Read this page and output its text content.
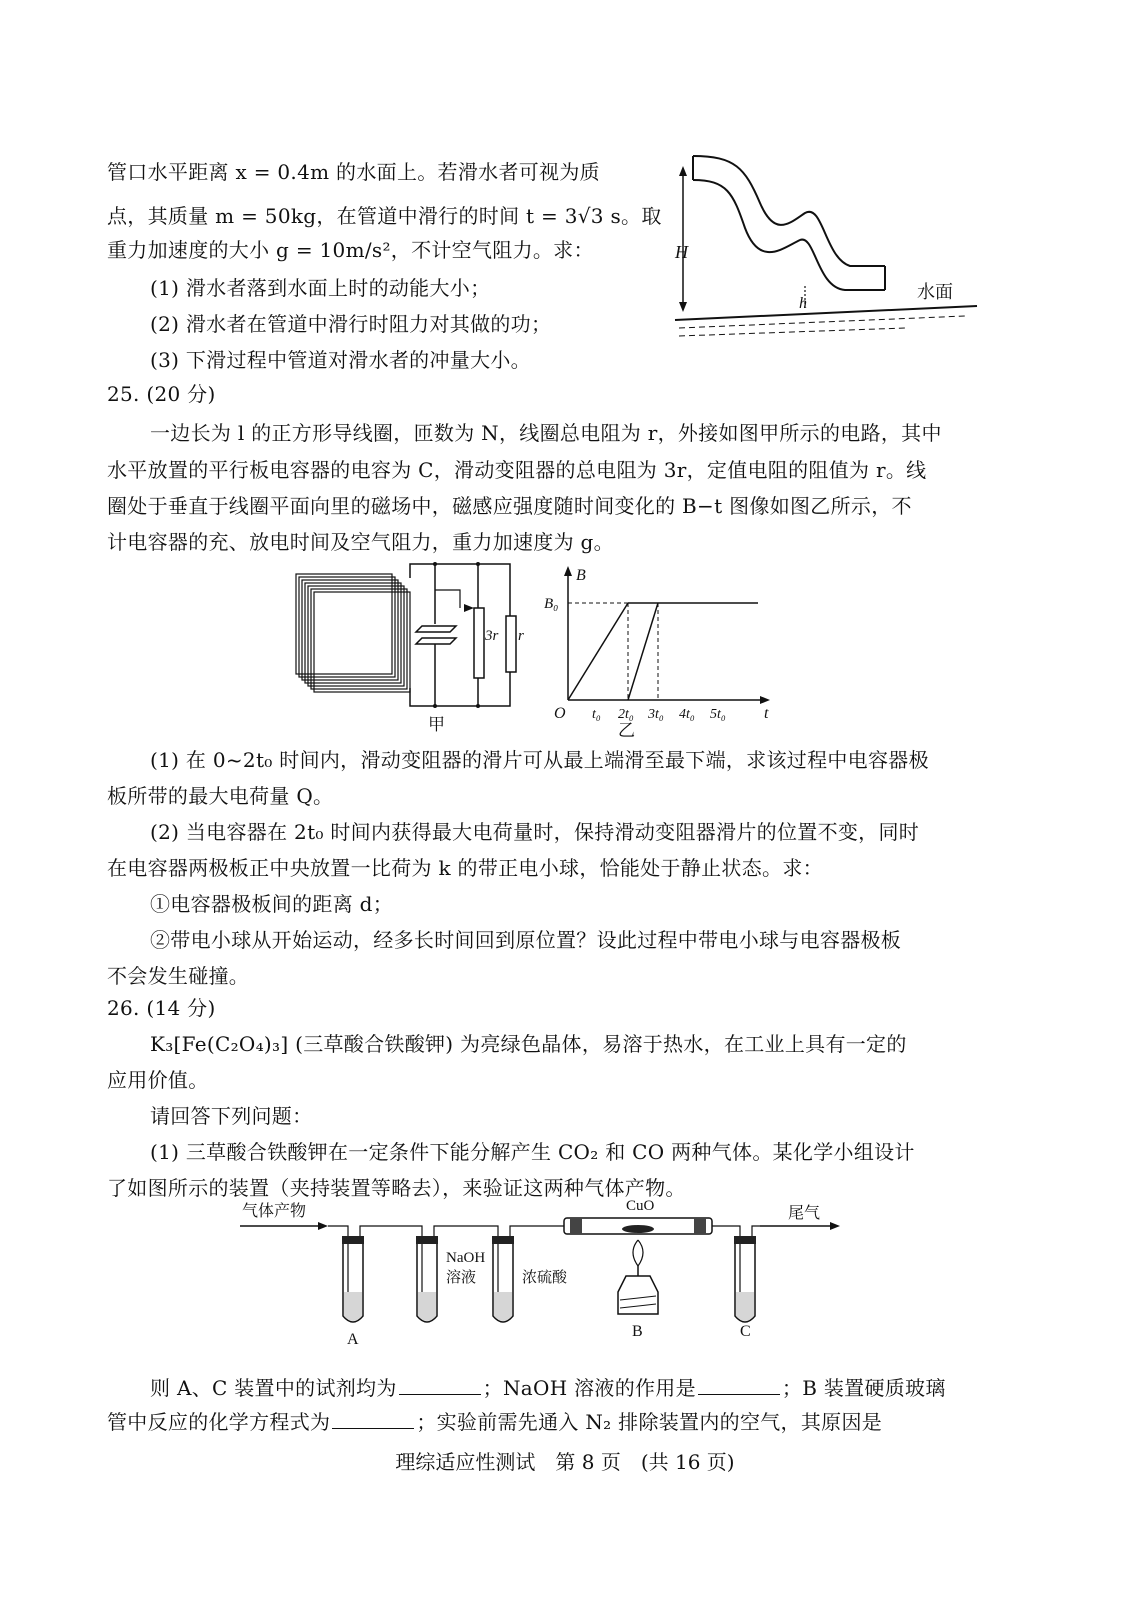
管口水平距离 x = 0.4m 的水面上。若滑水者可视为质
点，其质量 m = 50kg，在管道中滑行的时间 t = 3√3 s。取
重力加速度的大小 g = 10m/s²，不计空气阻力。求：
(1) 滑水者落到水面上时的动能大小；
(2) 滑水者在管道中滑行时阻力对其做的功；
(3) 下滑过程中管道对滑水者的冲量大小。
H
h
水面
25. (20 分)
一边长为 l 的正方形导线圈，匝数为 N，线圈总电阻为 r，外接如图甲所示的电路，其中
水平放置的平行板电容器的电容为 C，滑动变阻器的总电阻为 3r，定值电阻的阻值为 r。线
圈处于垂直于线圈平面向里的磁场中，磁感应强度随时间变化的 B−t 图像如图乙所示，不
计电容器的充、放电时间及空气阻力，重力加速度为 g。
3r r
甲
B
t
O
B₀
t₀ 2t₀ 3t₀ 4t₀ 5t₀
乙
(1) 在 0~2t₀ 时间内，滑动变阻器的滑片可从最上端滑至最下端，求该过程中电容器极
板所带的最大电荷量 Q。
(2) 当电容器在 2t₀ 时间内获得最大电荷量时，保持滑动变阻器滑片的位置不变，同时
在电容器两极板正中央放置一比荷为 k 的带正电小球，恰能处于静止状态。求：
①电容器极板间的距离 d；
②带电小球从开始运动，经多长时间回到原位置？设此过程中带电小球与电容器极板
不会发生碰撞。
26. (14 分)
K₃[Fe(C₂O₄)₃] (三草酸合铁酸钾) 为亮绿色晶体，易溶于热水，在工业上具有一定的
应用价值。
请回答下列问题：
(1) 三草酸合铁酸钾在一定条件下能分解产生 CO₂ 和 CO 两种气体。某化学小组设计
了如图所示的装置（夹持装置等略去），来验证这两种气体产物。
气体产物	尾气
NaOH
溶液	浓硫酸
CuO
A	B	C
则 A、C 装置中的试剂均为	；NaOH 溶液的作用是	；B 装置硬质玻璃
管中反应的化学方程式为	；实验前需先通入 N₂ 排除装置内的空气，其原因是
理综适应性测试　第 8 页　(共 16 页)
